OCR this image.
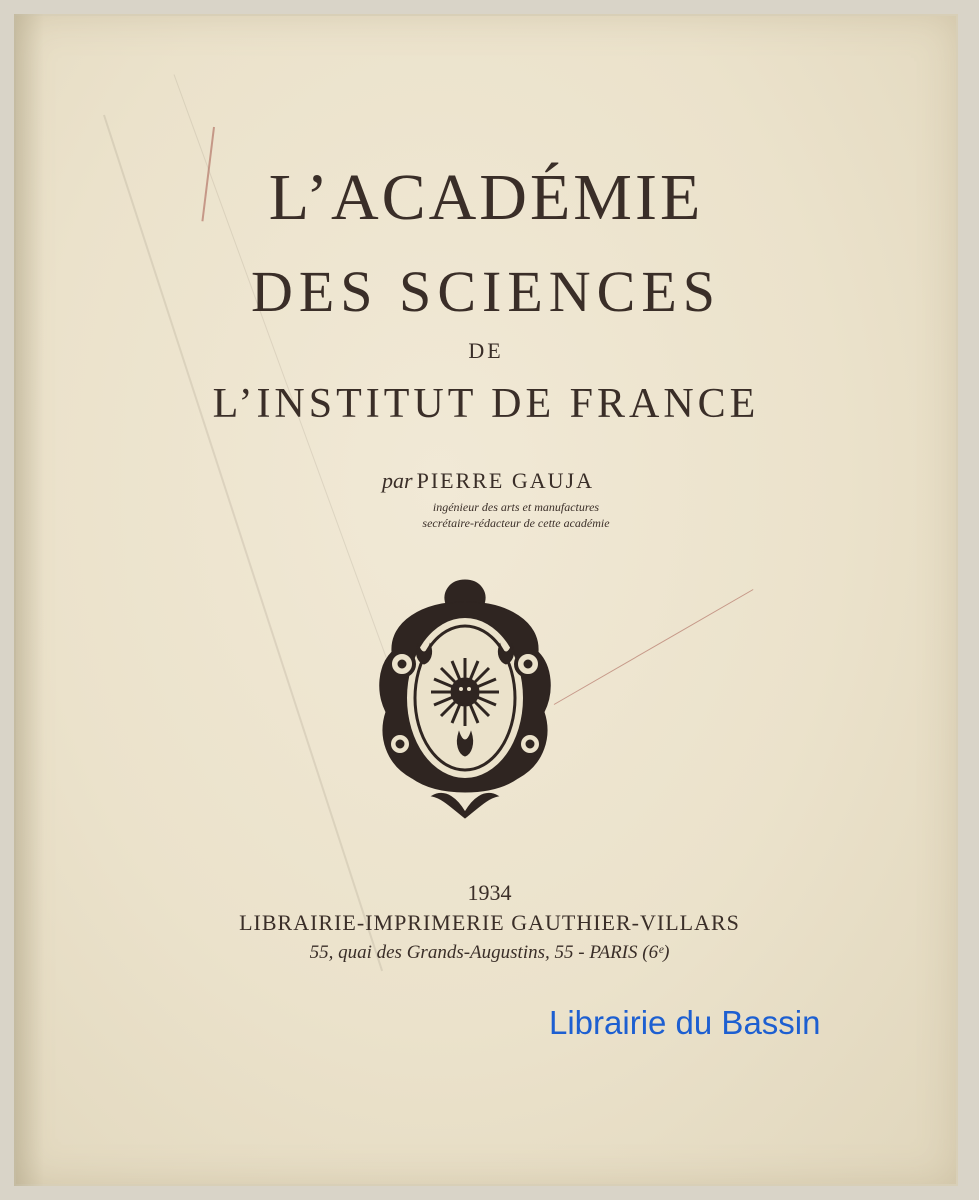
L’ACADÉMIE
DES SCIENCES
DE
L’INSTITUT DE FRANCE
par PIERRE GAUJA
ingénieur des arts et manufactures
secrétaire-rédacteur de cette académie
1934
LIBRAIRIE-IMPRIMERIE GAUTHIER-VILLARS
55, quai des Grands-Augustins, 55 - PARIS (6ᵉ)
Librairie du Bassin
